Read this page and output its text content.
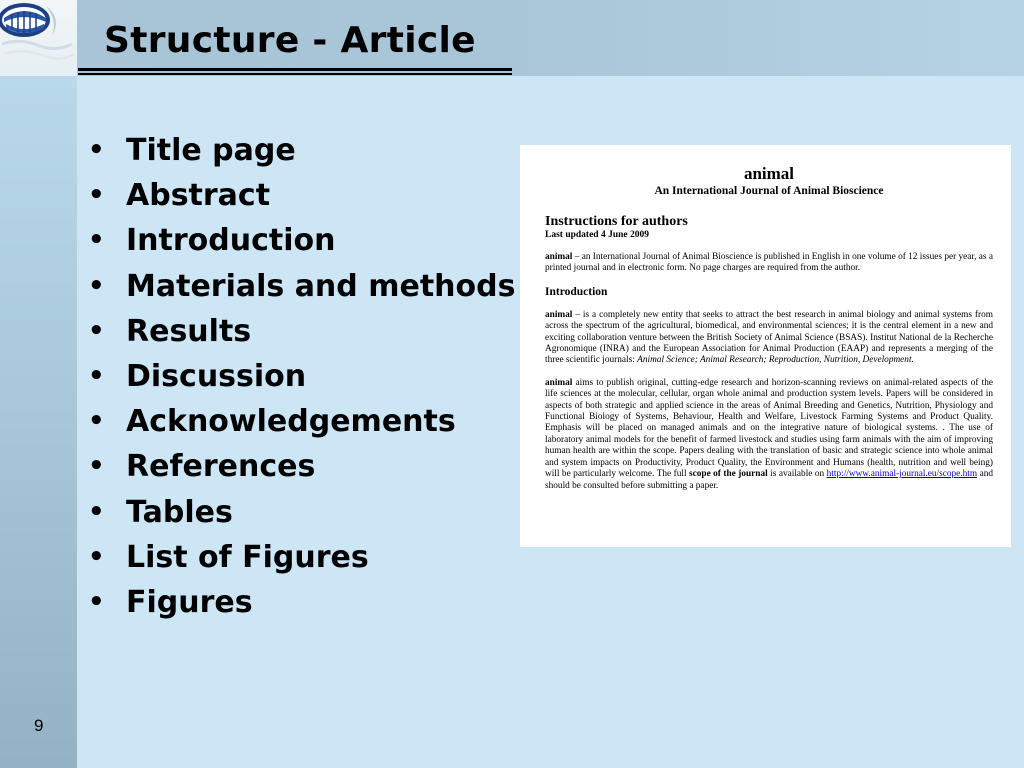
Structure - Article
• Title page
• Abstract
• Introduction
• Materials and methods
• Results
• Discussion
• Acknowledgements
• References
• Tables
• List of Figures
• Figures
animal
An International Journal of Animal Bioscience
Instructions for authors
Last updated 4 June 2009
animal – an International Journal of Animal Bioscience is published in English in one volume of 12 issues per year, as a printed journal and in electronic form. No page charges are required from the author.
Introduction
animal – is a completely new entity that seeks to attract the best research in animal biology and animal systems from across the spectrum of the agricultural, biomedical, and environmental sciences; it is the central element in a new and exciting collaboration venture between the British Society of Animal Science (BSAS). Institut National de la Recherche Agronomique (INRA) and the European Association for Animal Production (EAAP) and represents a merging of the three scientific journals: Animal Science; Animal Research; Reproduction, Nutrition, Development.
animal aims to publish original, cutting-edge research and horizon-scanning reviews on animal-related aspects of the life sciences at the molecular, cellular, organ whole animal and production system levels. Papers will be considered in aspects of both strategic and applied science in the areas of Animal Breeding and Genetics, Nutrition, Physiology and Functional Biology of Systems, Behaviour, Health and Welfare, Livestock Farming Systems and Product Quality. Emphasis will be placed on managed animals and on the integrative nature of biological systems. . The use of laboratory animal models for the benefit of farmed livestock and studies using farm animals with the aim of improving human health are within the scope. Papers dealing with the translation of basic and strategic science into whole animal and system impacts on Productivity, Product Quality, the Environment and Humans (health, nutrition and well being) will be particularly welcome. The full scope of the journal is available on http://www.animal-journal.eu/scope.htm and should be consulted before submitting a paper.
9
